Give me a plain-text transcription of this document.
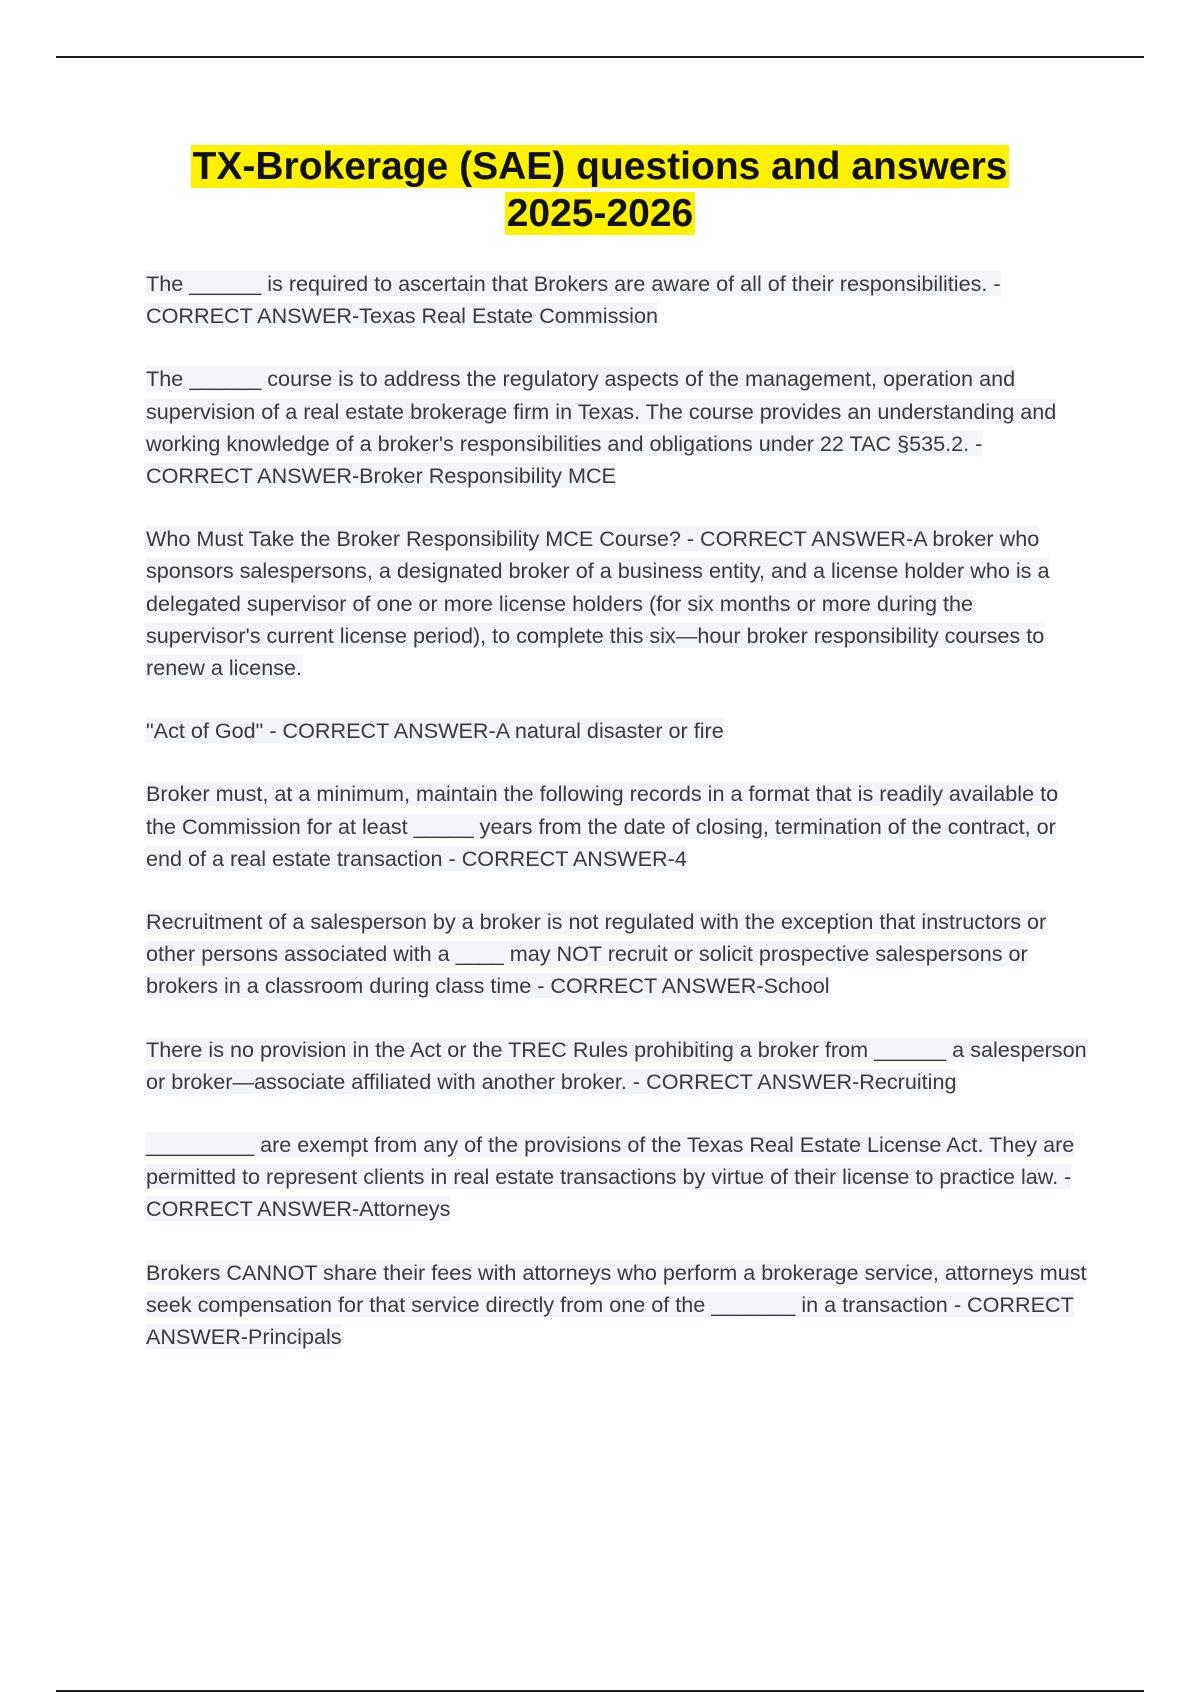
TX-Brokerage (SAE) questions and answers
2025-2026

The ______ is required to ascertain that Brokers are aware of all of their responsibilities. - CORRECT ANSWER-Texas Real Estate Commission

The ______ course is to address the regulatory aspects of the management, operation and supervision of a real estate brokerage firm in Texas. The course provides an understanding and working knowledge of a broker's responsibilities and obligations under 22 TAC §535.2. - CORRECT ANSWER-Broker Responsibility MCE

Who Must Take the Broker Responsibility MCE Course? - CORRECT ANSWER-A broker who sponsors salespersons, a designated broker of a business entity, and a license holder who is a delegated supervisor of one or more license holders (for six months or more during the supervisor's current license period), to complete this six—hour broker responsibility courses to renew a license.

"Act of God" - CORRECT ANSWER-A natural disaster or fire

Broker must, at a minimum, maintain the following records in a format that is readily available to the Commission for at least _____ years from the date of closing, termination of the contract, or end of a real estate transaction - CORRECT ANSWER-4

Recruitment of a salesperson by a broker is not regulated with the exception that instructors or other persons associated with a ____ may NOT recruit or solicit prospective salespersons or brokers in a classroom during class time - CORRECT ANSWER-School

There is no provision in the Act or the TREC Rules prohibiting a broker from ______ a salesperson or broker—associate affiliated with another broker. - CORRECT ANSWER-Recruiting

_________ are exempt from any of the provisions of the Texas Real Estate License Act. They are permitted to represent clients in real estate transactions by virtue of their license to practice law. - CORRECT ANSWER-Attorneys

Brokers CANNOT share their fees with attorneys who perform a brokerage service, attorneys must seek compensation for that service directly from one of the _______ in a transaction - CORRECT ANSWER-Principals
